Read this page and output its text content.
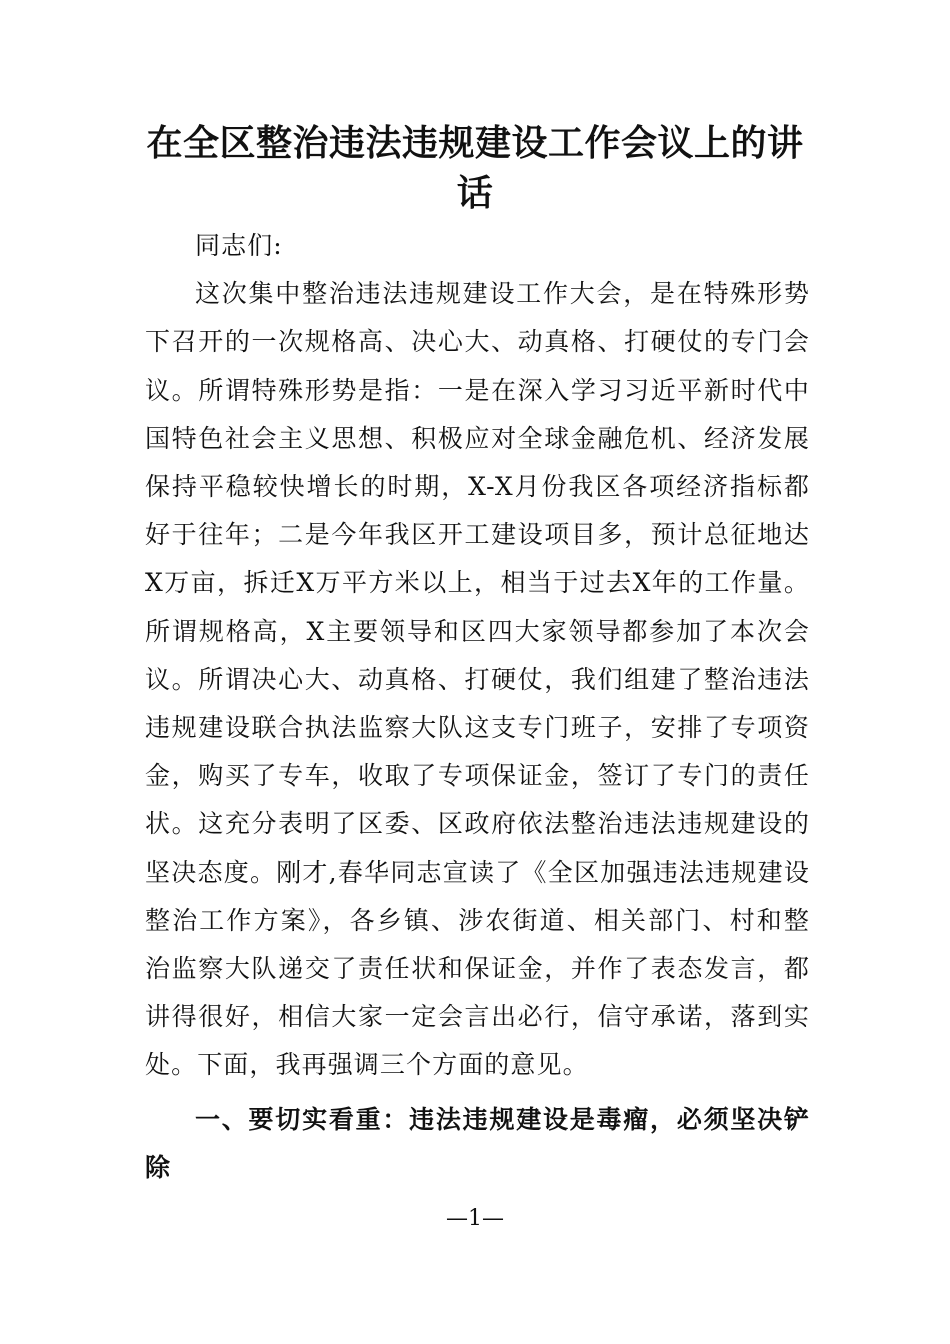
在全区整治违法违规建设工作会议上的讲话

同志们:

这次集中整治违法违规建设工作大会，是在特殊形势下召开的一次规格高、决心大、动真格、打硬仗的专门会议。所谓特殊形势是指：一是在深入学习习近平新时代中国特色社会主义思想、积极应对全球金融危机、经济发展保持平稳较快增长的时期，X-X月份我区各项经济指标都好于往年；二是今年我区开工建设项目多，预计总征地达X万亩，拆迁X万平方米以上，相当于过去X年的工作量。所谓规格高，X主要领导和区四大家领导都参加了本次会议。所谓决心大、动真格、打硬仗，我们组建了整治违法违规建设联合执法监察大队这支专门班子，安排了专项资金，购买了专车，收取了专项保证金，签订了专门的责任状。这充分表明了区委、区政府依法整治违法违规建设的坚决态度。刚才,春华同志宣读了《全区加强违法违规建设整治工作方案》，各乡镇、涉农街道、相关部门、村和整治监察大队递交了责任状和保证金，并作了表态发言，都讲得很好，相信大家一定会言出必行，信守承诺，落到实处。下面，我再强调三个方面的意见。

一、要切实看重：违法违规建设是毒瘤，必须坚决铲除

—1—
